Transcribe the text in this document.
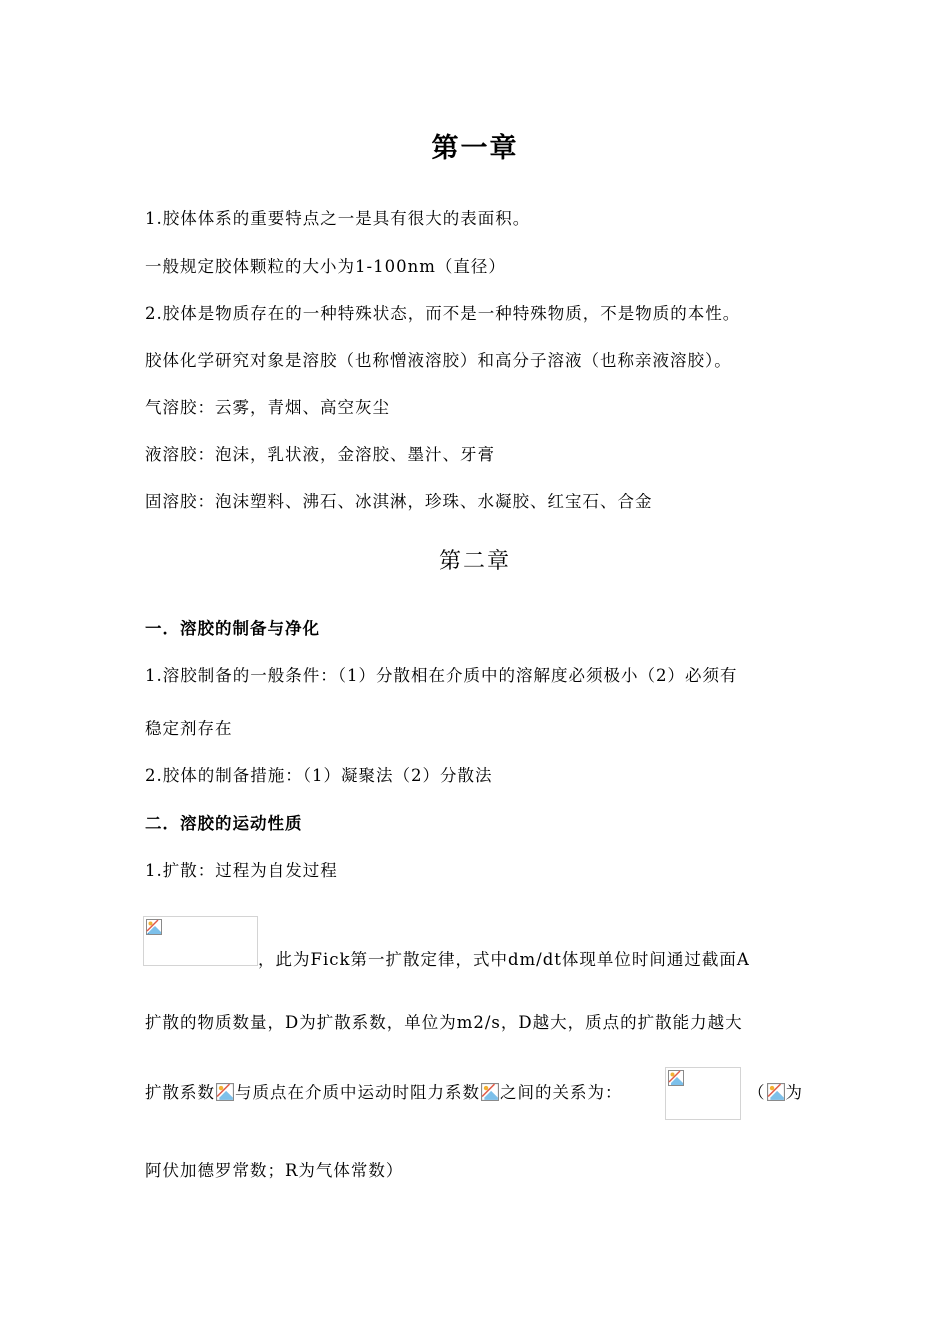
第一章
1.胶体体系的重要特点之一是具有很大的表面积。
一般规定胶体颗粒的大小为1-100nm（直径）
2.胶体是物质存在的一种特殊状态，而不是一种特殊物质，不是物质的本性。
胶体化学研究对象是溶胶（也称憎液溶胶）和高分子溶液（也称亲液溶胶）。
气溶胶：云雾，青烟、高空灰尘
液溶胶：泡沫，乳状液，金溶胶、墨汁、牙膏
固溶胶：泡沫塑料、沸石、冰淇淋，珍珠、水凝胶、红宝石、合金
第二章
一．溶胶的制备与净化
1.溶胶制备的一般条件：（1）分散相在介质中的溶解度必须极小（2）必须有
稳定剂存在
2.胶体的制备措施：（1）凝聚法（2）分散法
二．溶胶的运动性质
1.扩散：过程为自发过程
，此为Fick第一扩散定律，式中dm/dt体现单位时间通过截面A
扩散的物质数量，D为扩散系数，单位为m2/s，D越大，质点的扩散能力越大
扩散系数 与质点在介质中运动时阻力系数 之间的关系为：	（ 为
阿伏加德罗常数；R为气体常数）
